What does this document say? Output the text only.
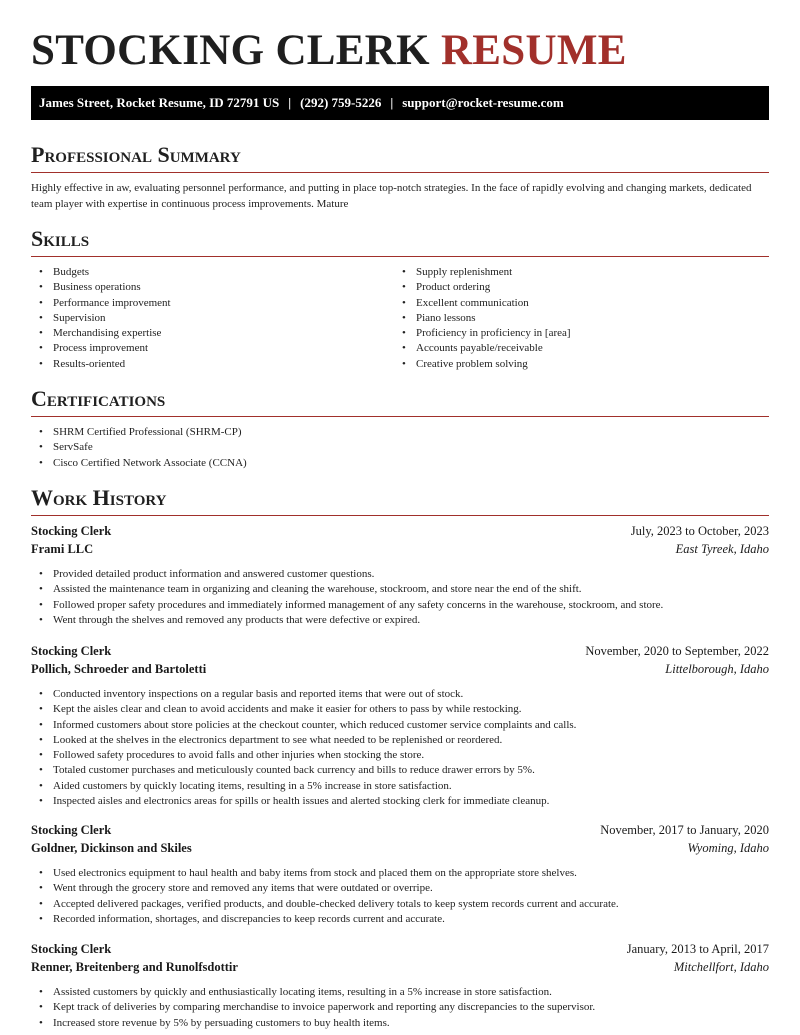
STOCKING CLERK RESUME
James Street, Rocket Resume, ID 72791 US | (292) 759-5226 | support@rocket-resume.com
Professional Summary

Highly effective in aw, evaluating personnel performance, and putting in place top-notch strategies. In the face of rapidly evolving and changing markets, dedicated team player with expertise in continuous process improvements. Mature

Skills
• Budgets
• Business operations
• Performance improvement
• Supervision
• Merchandising expertise
• Process improvement
• Results-oriented
• Supply replenishment
• Product ordering
• Excellent communication
• Piano lessons
• Proficiency in proficiency in [area]
• Accounts payable/receivable
• Creative problem solving
Certifications
• SHRM Certified Professional (SHRM-CP)
• ServSafe
• Cisco Certified Network Associate (CCNA)
Work History
Stocking Clerk	July, 2023 to October, 2023
Frami LLC	East Tyreek, Idaho
• Provided detailed product information and answered customer questions.
• Assisted the maintenance team in organizing and cleaning the warehouse, stockroom, and store near the end of the shift.
• Followed proper safety procedures and immediately informed management of any safety concerns in the warehouse, stockroom, and store.
• Went through the shelves and removed any products that were defective or expired.
Stocking Clerk	November, 2020 to September, 2022
Pollich, Schroeder and Bartoletti	Littelborough, Idaho
• Conducted inventory inspections on a regular basis and reported items that were out of stock.
• Kept the aisles clear and clean to avoid accidents and make it easier for others to pass by while restocking.
• Informed customers about store policies at the checkout counter, which reduced customer service complaints and calls.
• Looked at the shelves in the electronics department to see what needed to be replenished or reordered.
• Followed safety procedures to avoid falls and other injuries when stocking the store.
• Totaled customer purchases and meticulously counted back currency and bills to reduce drawer errors by 5%.
• Aided customers by quickly locating items, resulting in a 5% increase in store satisfaction.
• Inspected aisles and electronics areas for spills or health issues and alerted stocking clerk for immediate cleanup.
Stocking Clerk	November, 2017 to January, 2020
Goldner, Dickinson and Skiles	Wyoming, Idaho
• Used electronics equipment to haul health and baby items from stock and placed them on the appropriate store shelves.
• Went through the grocery store and removed any items that were outdated or overripe.
• Accepted delivered packages, verified products, and double-checked delivery totals to keep system records current and accurate.
• Recorded information, shortages, and discrepancies to keep records current and accurate.
Stocking Clerk	January, 2013 to April, 2017
Renner, Breitenberg and Runolfsdottir	Mitchellfort, Idaho
• Assisted customers by quickly and enthusiastically locating items, resulting in a 5% increase in store satisfaction.
• Kept track of deliveries by comparing merchandise to invoice paperwork and reporting any discrepancies to the supervisor.
• Increased store revenue by 5% by persuading customers to buy health items.
